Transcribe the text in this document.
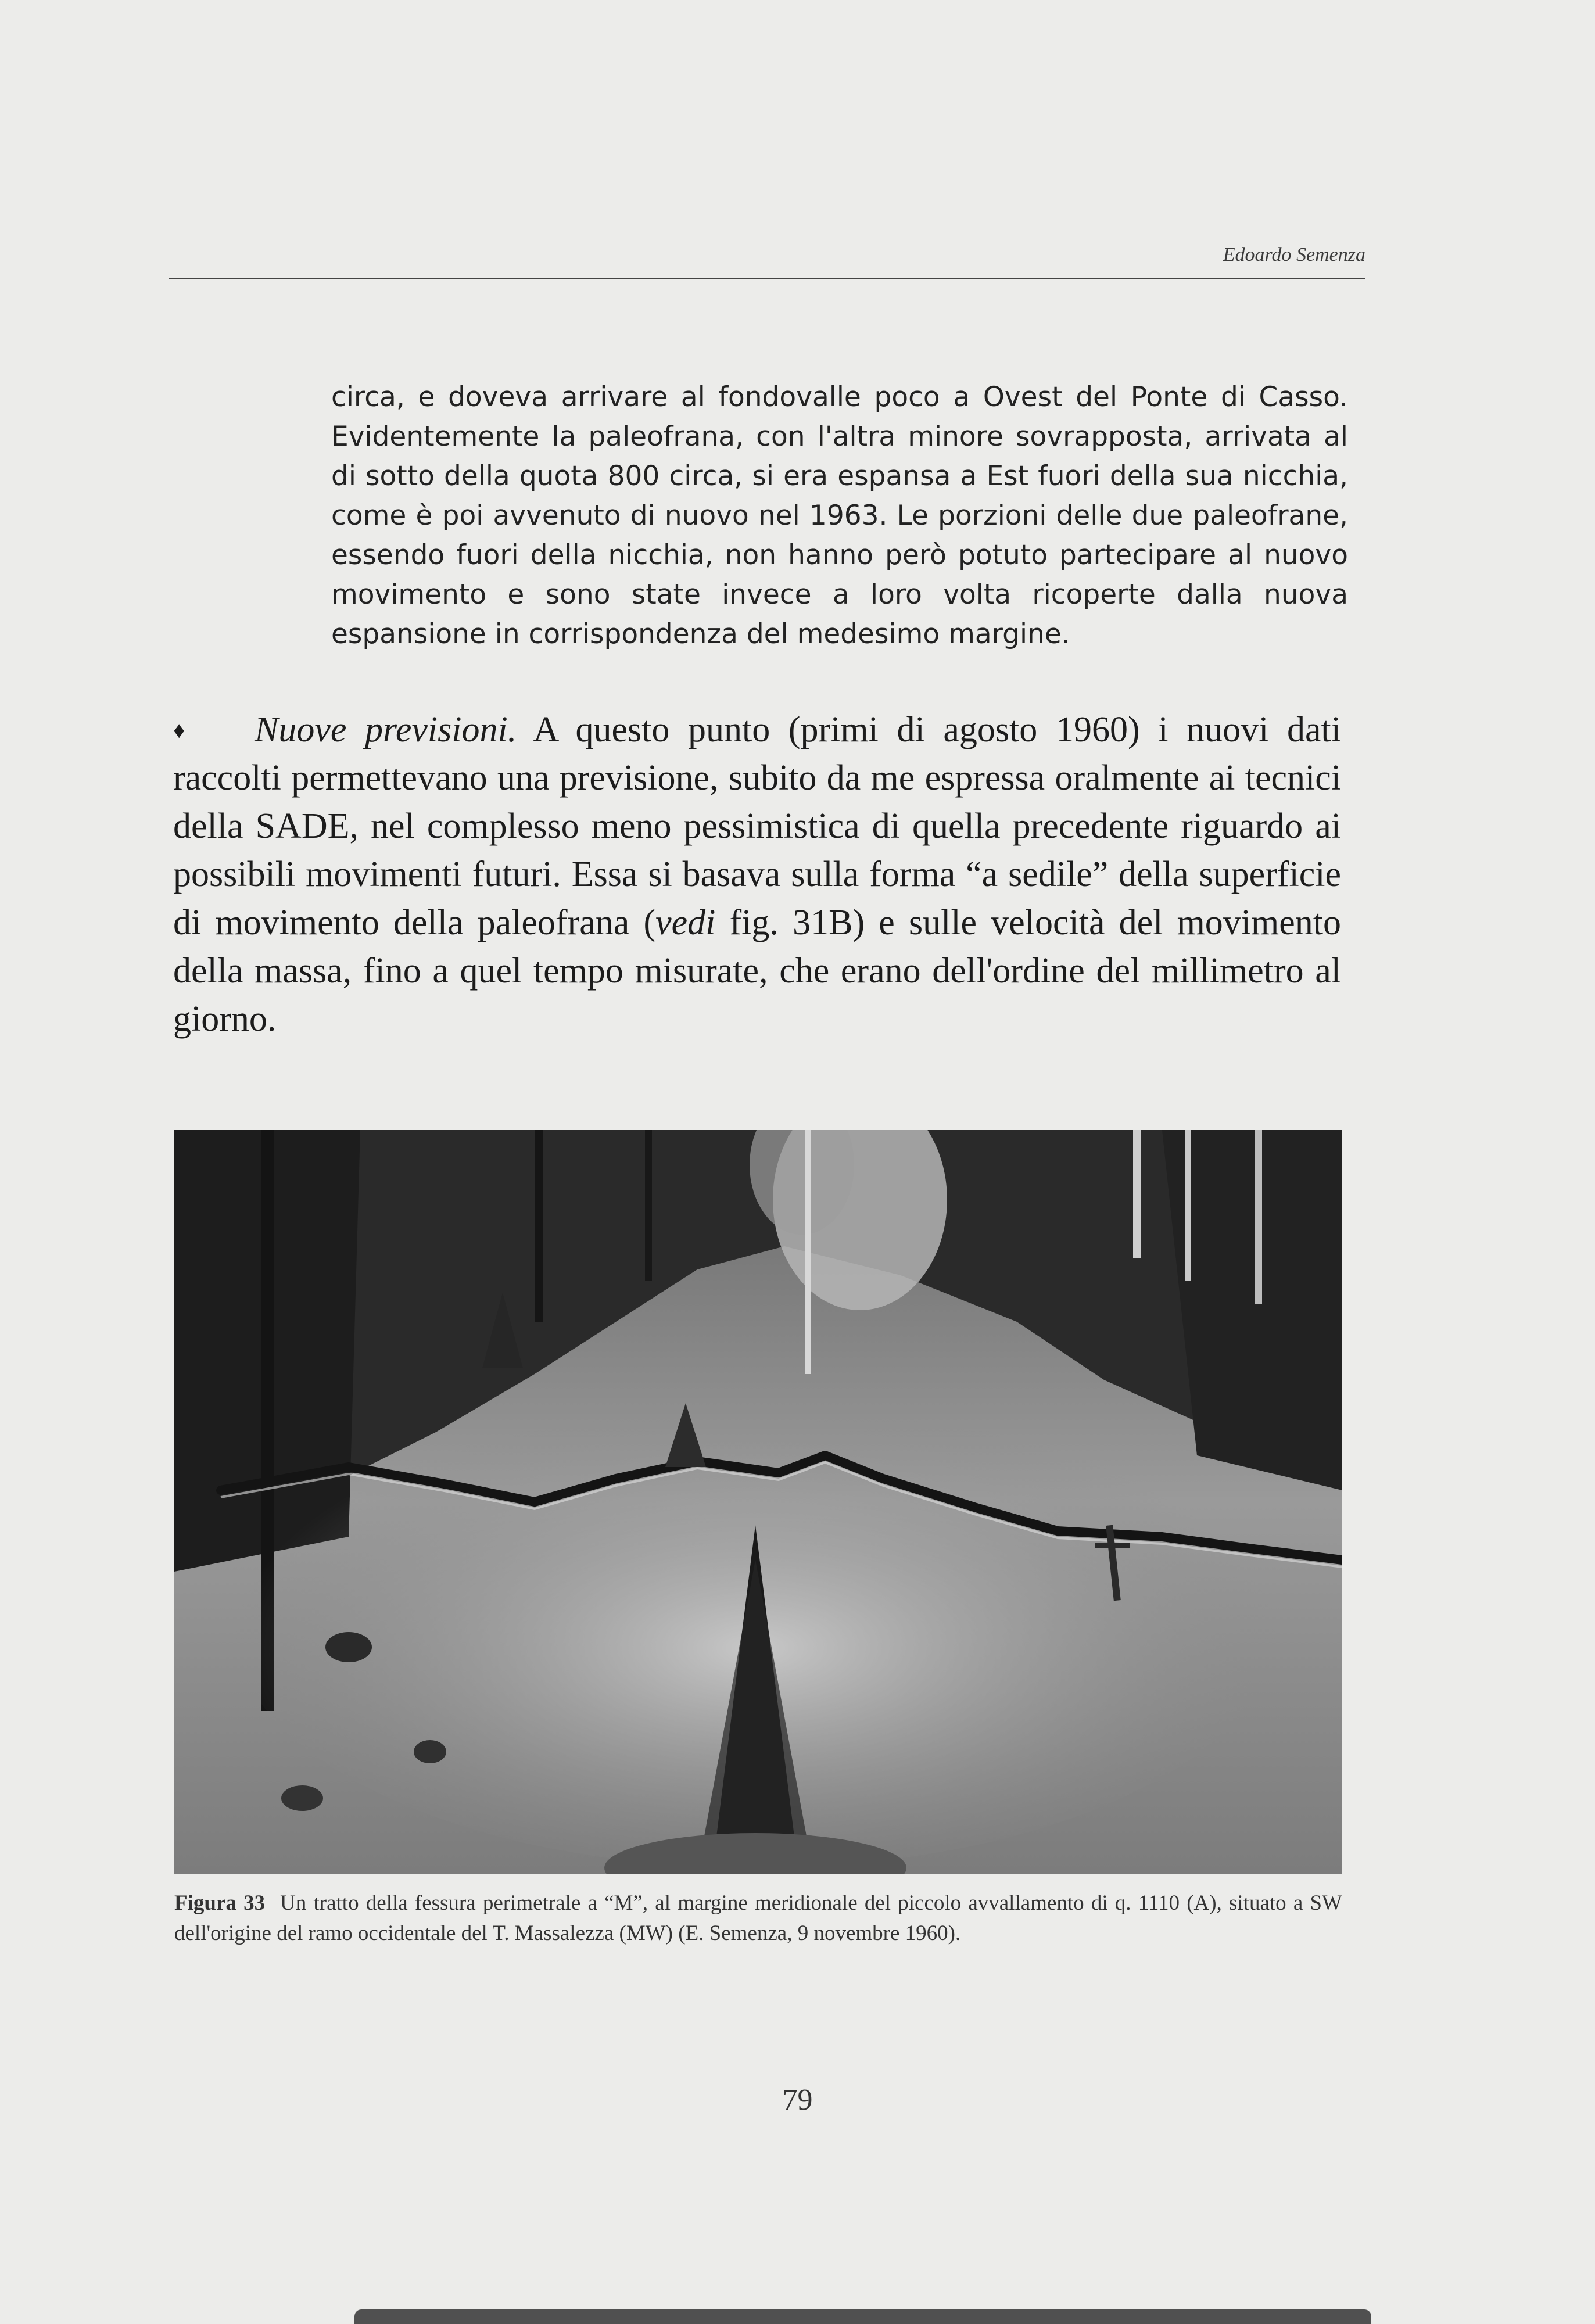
Edoardo Semenza

circa, e doveva arrivare al fondovalle poco a Ovest del Ponte di Casso. Evidentemente la paleofrana, con l'altra minore sovrapposta, arrivata al di sotto della quota 800 circa, si era espansa a Est fuori della sua nicchia, come è poi avvenuto di nuovo nel 1963. Le porzioni delle due paleofrane, essendo fuori della nicchia, non hanno però potuto partecipare al nuovo movimento e sono state invece a loro volta ricoperte dalla nuova espansione in corrispondenza del medesimo margine.

♦ Nuove previsioni. A questo punto (primi di agosto 1960) i nuovi dati raccolti permettevano una previsione, subito da me espressa oralmente ai tecnici della SADE, nel complesso meno pessimistica di quella precedente riguardo ai possibili movimenti futuri. Essa si basava sulla forma “a sedile” della superficie di movimento della paleofrana (vedi fig. 31B) e sulle velocità del movimento della massa, fino a quel tempo misurate, che erano dell'ordine del millimetro al giorno.

Figura 33 Un tratto della fessura perimetrale a “M”, al margine meridionale del piccolo avvallamento di q. 1110 (A), situato a SW dell'origine del ramo occidentale del T. Massalezza (MW) (E. Semenza, 9 novembre 1960).
79
